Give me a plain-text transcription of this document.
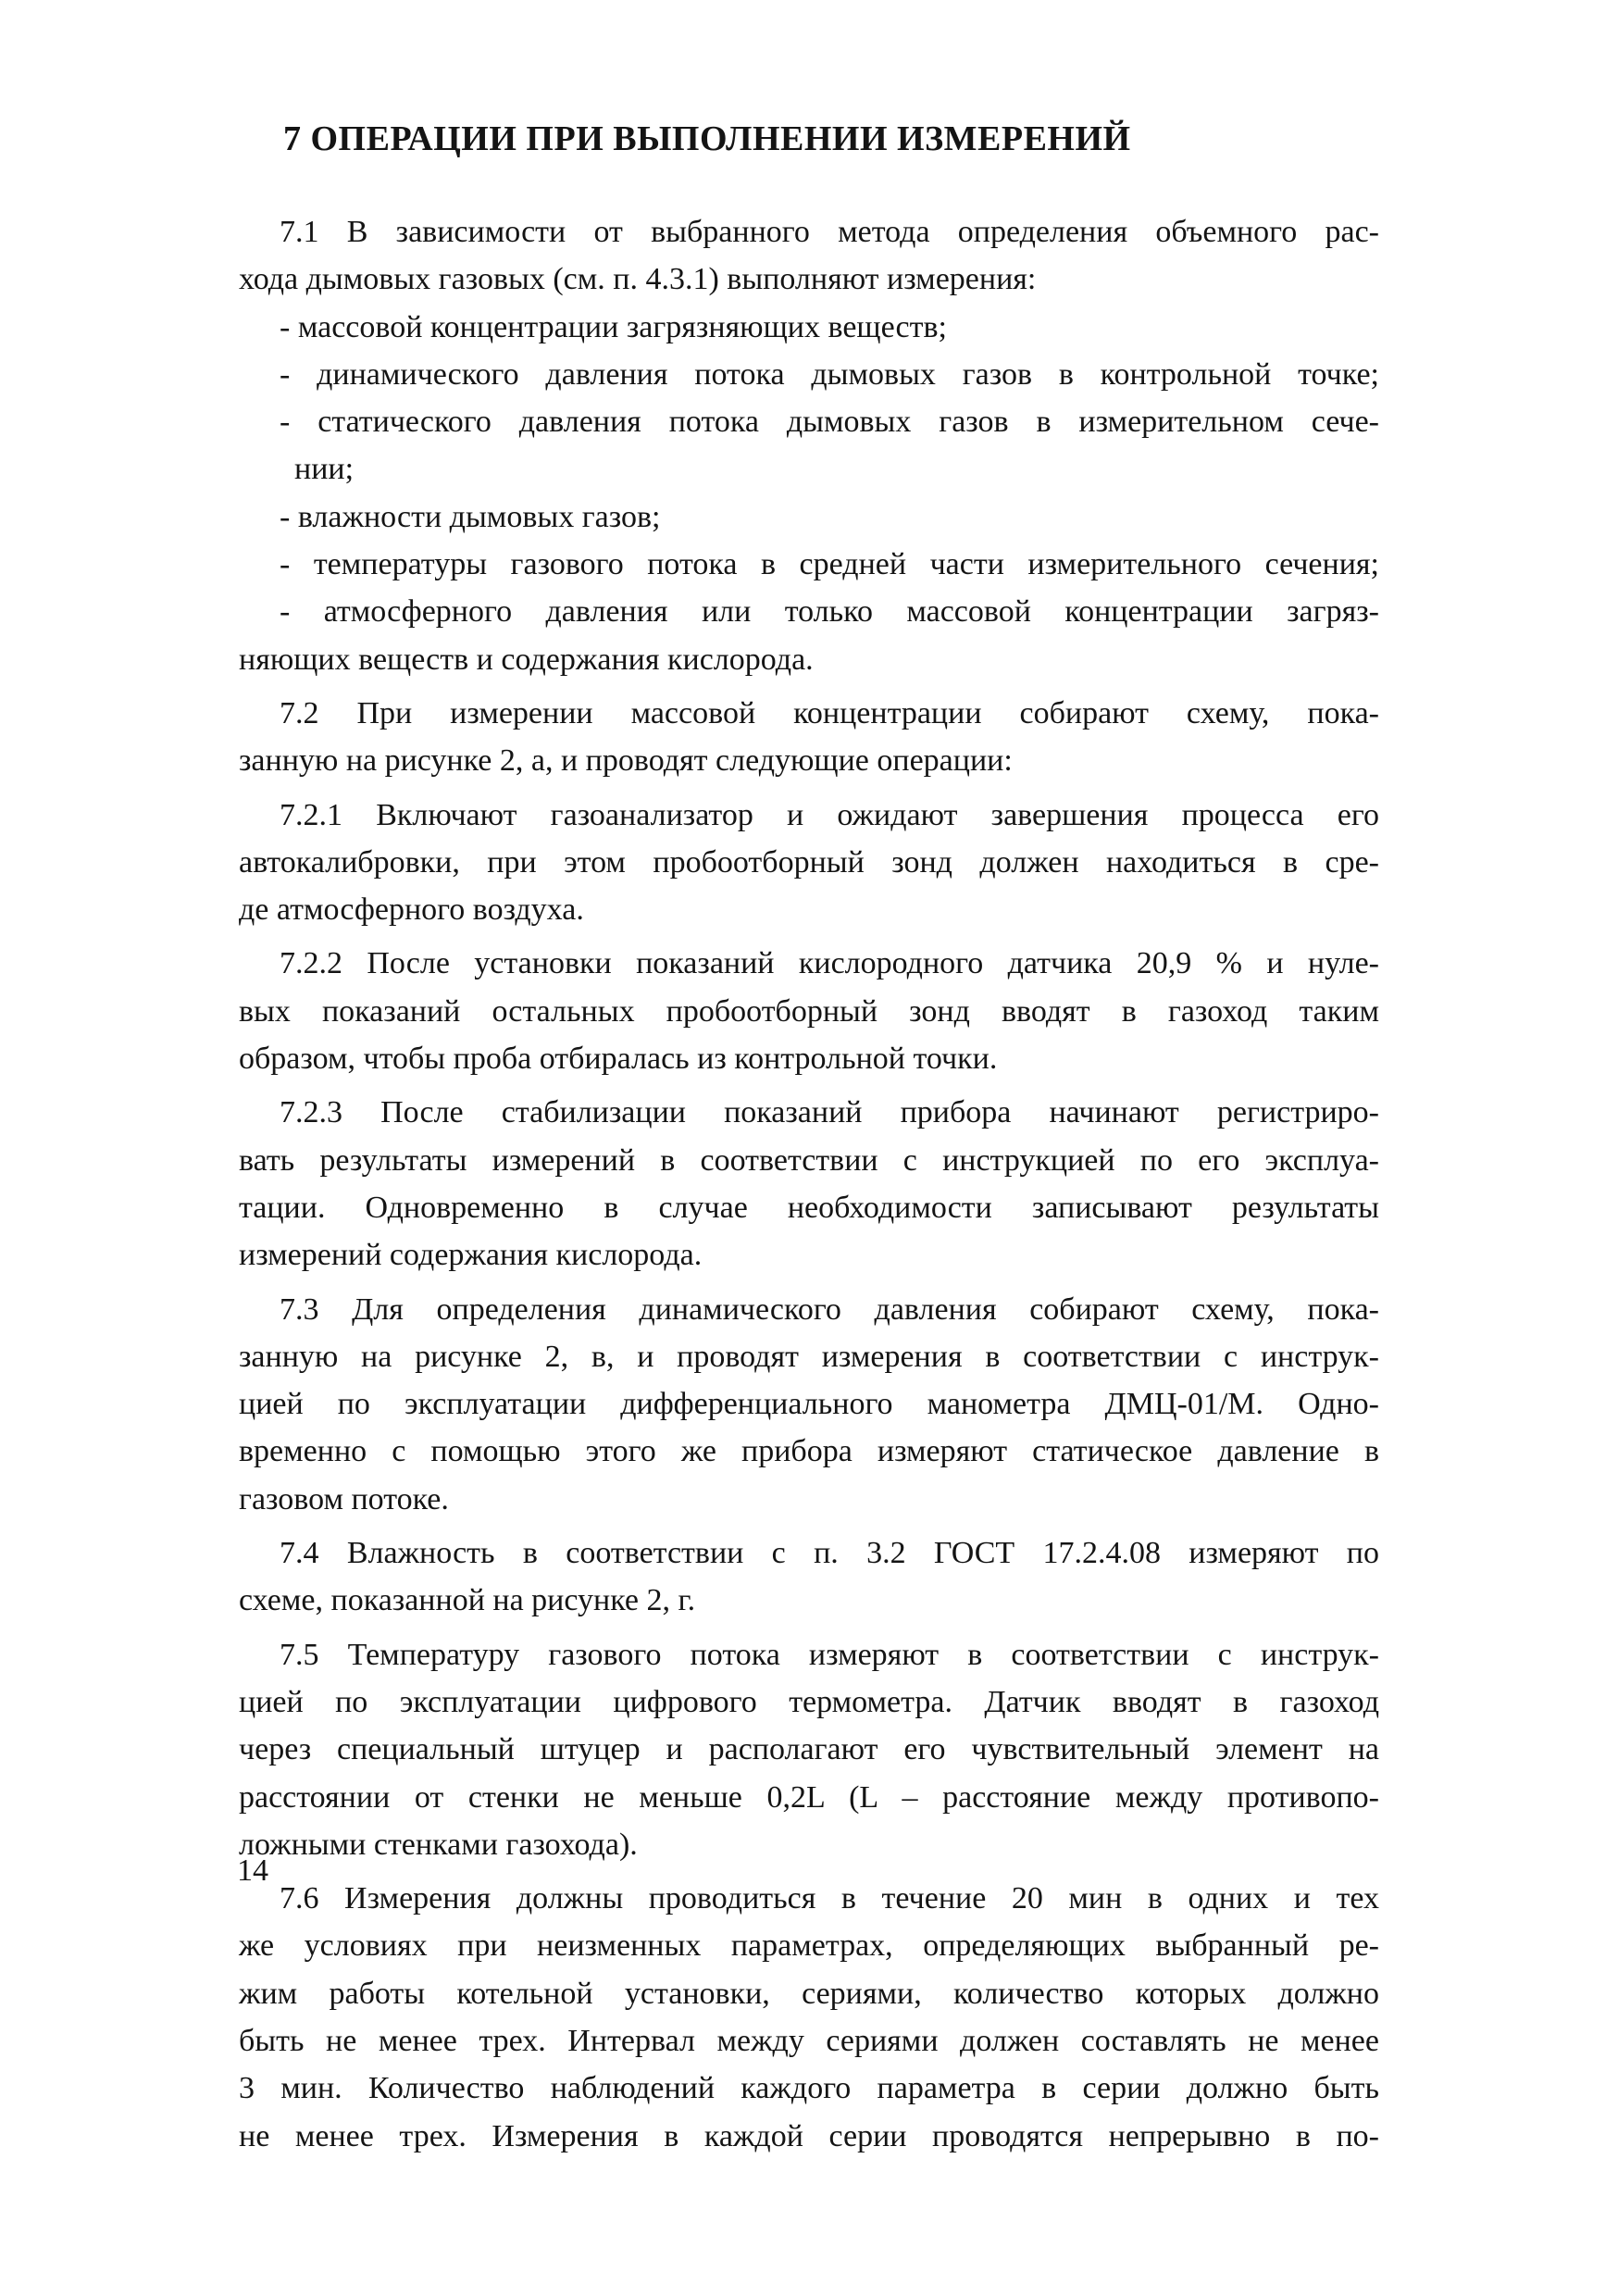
7 ОПЕРАЦИИ ПРИ ВЫПОЛНЕНИИ ИЗМЕРЕНИЙ
7.1 В зависимости от выбранного метода определения объемного рас-
хода дымовых газовых (см. п. 4.3.1) выполняют измерения:
- массовой концентрации загрязняющих веществ;
- динамического давления потока дымовых газов в контрольной точке;
- статического давления потока дымовых газов в измерительном сече-
нии;
- влажности дымовых газов;
- температуры газового потока в средней части измерительного сечения;
- атмосферного давления или только массовой концентрации загряз-
няющих веществ и содержания кислорода.
7.2 При измерении массовой концентрации собирают схему, пока-
занную на рисунке 2, а, и проводят следующие операции:
7.2.1 Включают газоанализатор и ожидают завершения процесса его
автокалибровки, при этом пробоотборный зонд должен находиться в сре-
де атмосферного воздуха.
7.2.2 После установки показаний кислородного датчика 20,9 % и нуле-
вых показаний остальных пробоотборный зонд вводят в газоход таким
образом, чтобы проба отбиралась из контрольной точки.
7.2.3 После стабилизации показаний прибора начинают регистриро-
вать результаты измерений в соответствии с инструкцией по его эксплуа-
тации. Одновременно в случае необходимости записывают результаты
измерений содержания кислорода.
7.3 Для определения динамического давления собирают схему, пока-
занную на рисунке 2, в, и проводят измерения в соответствии с инструк-
цией по эксплуатации дифференциального манометра ДМЦ-01/М. Одно-
временно с помощью этого же прибора измеряют статическое давление в
газовом потоке.
7.4 Влажность в соответствии с п. 3.2 ГОСТ 17.2.4.08 измеряют по
схеме, показанной на рисунке 2, г.
7.5 Температуру газового потока измеряют в соответствии с инструк-
цией по эксплуатации цифрового термометра. Датчик вводят в газоход
через специальный штуцер и располагают его чувствительный элемент на
расстоянии от стенки не меньше 0,2L (L – расстояние между противопо-
ложными стенками газохода).
7.6 Измерения должны проводиться в течение 20 мин в одних и тех
же условиях при неизменных параметрах, определяющих выбранный ре-
жим работы котельной установки, сериями, количество которых должно
быть не менее трех. Интервал между сериями должен составлять не менее
3 мин. Количество наблюдений каждого параметра в серии должно быть
не менее трех. Измерения в каждой серии проводятся непрерывно в по-
14
